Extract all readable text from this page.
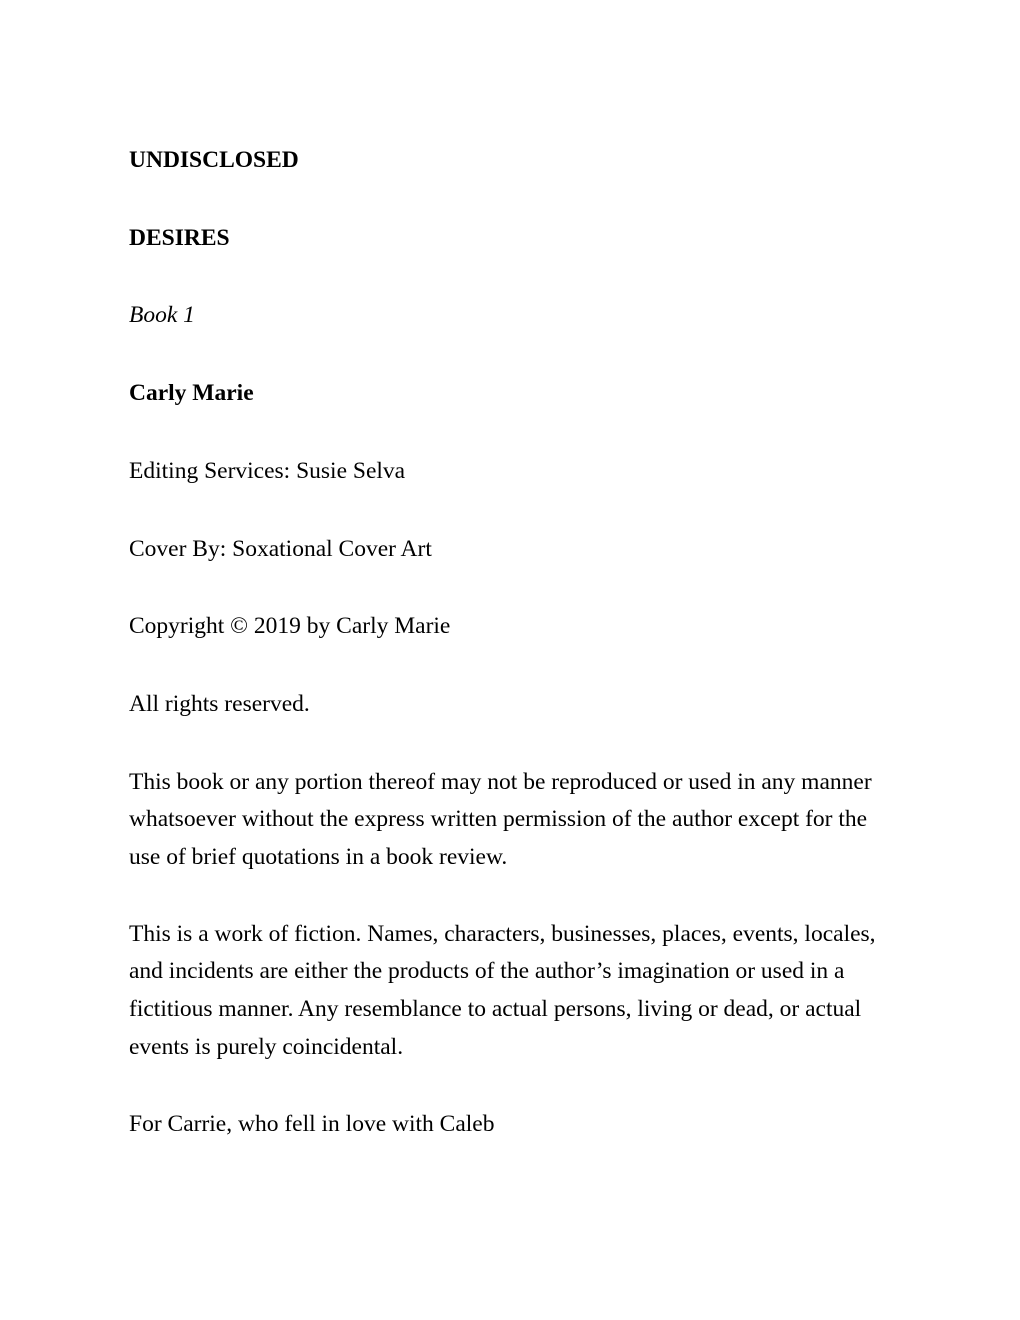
UNDISCLOSED
DESIRES
Book 1
Carly Marie
Editing Services: Susie Selva
Cover By: Soxational Cover Art
Copyright © 2019 by Carly Marie
All rights reserved.
This book or any portion thereof may not be reproduced or used in any manner whatsoever without the express written permission of the author except for the use of brief quotations in a book review.
This is a work of fiction. Names, characters, businesses, places, events, locales, and incidents are either the products of the author’s imagination or used in a fictitious manner. Any resemblance to actual persons, living or dead, or actual events is purely coincidental.
For Carrie, who fell in love with Caleb
